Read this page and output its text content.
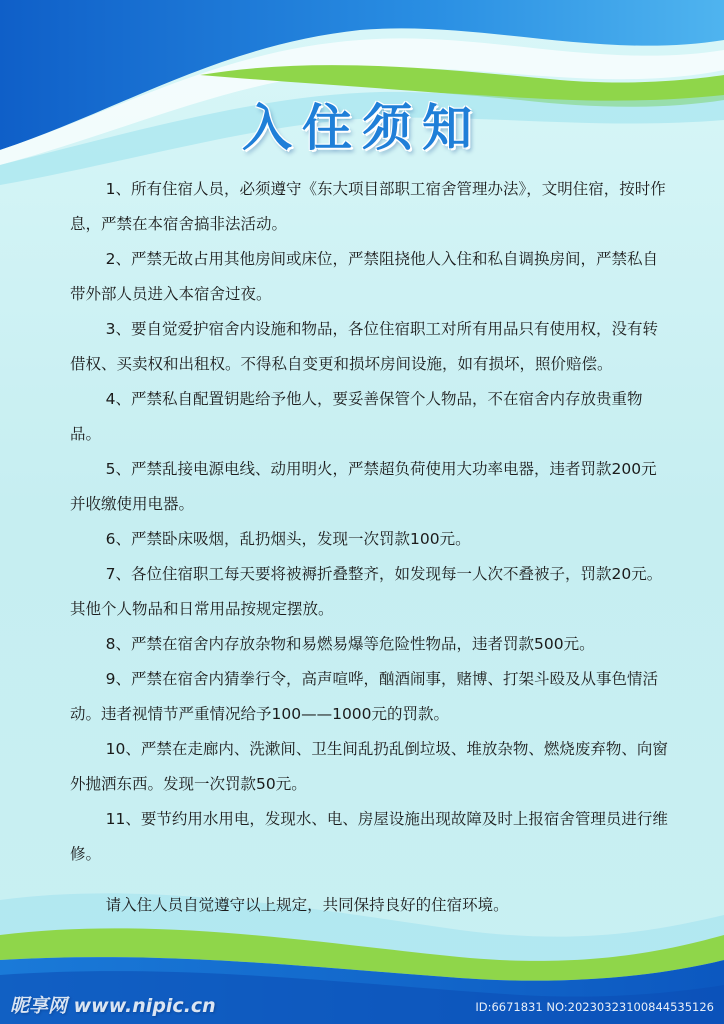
入住须知

1、所有住宿人员，必须遵守《东大项目部职工宿舍管理办法》，文明住宿，按时作息，严禁在本宿舍搞非法活动。

2、严禁无故占用其他房间或床位，严禁阻挠他人入住和私自调换房间，严禁私自带外部人员进入本宿舍过夜。

3、要自觉爱护宿舍内设施和物品，各位住宿职工对所有用品只有使用权，没有转借权、买卖权和出租权。不得私自变更和损坏房间设施，如有损坏，照价赔偿。

4、严禁私自配置钥匙给予他人，要妥善保管个人物品，不在宿舍内存放贵重物品。

5、严禁乱接电源电线、动用明火，严禁超负荷使用大功率电器，违者罚款200元并收缴使用电器。

6、严禁卧床吸烟，乱扔烟头，发现一次罚款100元。

7、各位住宿职工每天要将被褥折叠整齐，如发现每一人次不叠被子，罚款20元。其他个人物品和日常用品按规定摆放。

8、严禁在宿舍内存放杂物和易燃易爆等危险性物品，违者罚款500元。

9、严禁在宿舍内猜拳行令，高声喧哗，酗酒闹事，赌博、打架斗殴及从事色情活动。违者视情节严重情况给予100——1000元的罚款。

10、严禁在走廊内、洗漱间、卫生间乱扔乱倒垃圾、堆放杂物、燃烧废弃物、向窗外抛洒东西。发现一次罚款50元。

11、要节约用水用电，发现水、电、房屋设施出现故障及时上报宿舍管理员进行维修。

请入住人员自觉遵守以上规定，共同保持良好的住宿环境。

昵享网 www.nipic.cn	ID:6671831 NO:20230323100844535126
